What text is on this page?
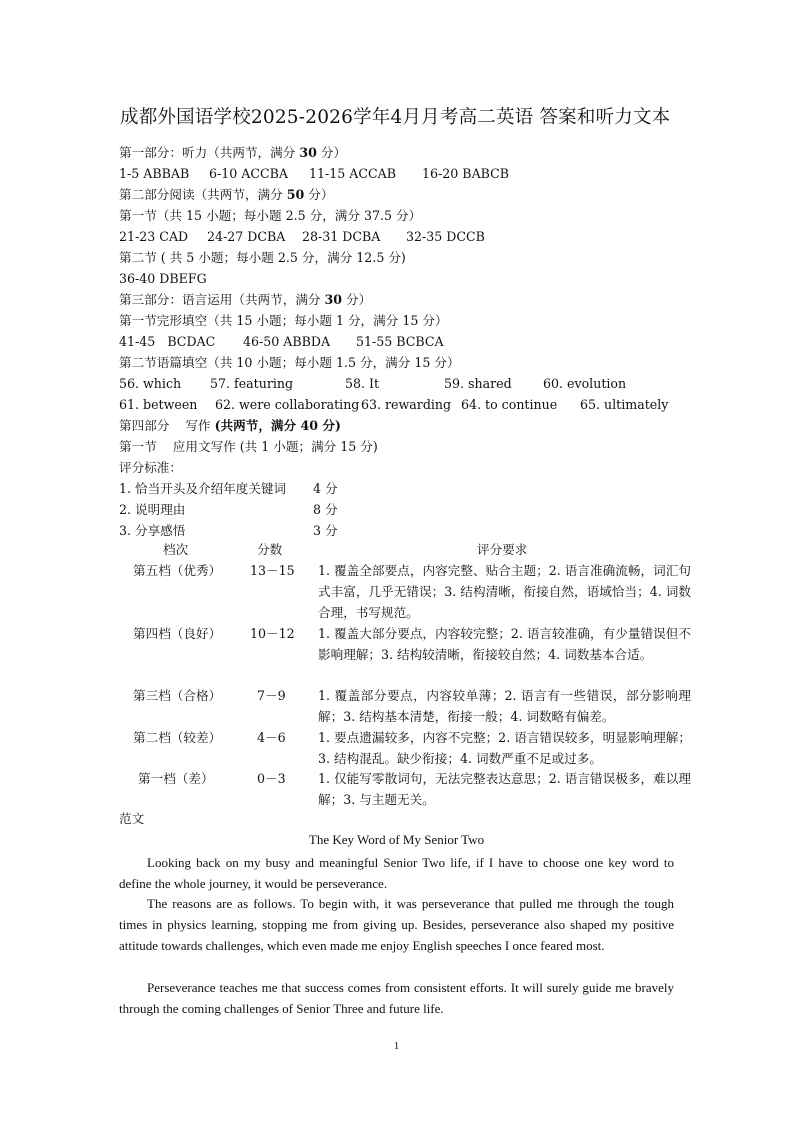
成都外国语学校2025-2026学年4月月考高二英语 答案和听力文本
第一部分：听力（共两节，满分 30 分）
1-5 ABBAB 6-10 ACCBA 11-15 ACCAB 16-20 BABCB
第二部分阅读（共两节，满分 50 分）
第一节（共 15 小题；每小题 2.5 分，满分 37.5 分）
21-23 CAD 24-27 DCBA 28-31 DCBA 32-35 DCCB
第二节 ( 共 5 小题；每小题 2.5 分，满分 12.5 分)
36-40 DBEFG
第三部分：语言运用（共两节，满分 30 分）
第一节完形填空（共 15 小题；每小题 1 分，满分 15 分）
41-45   BCDAC 46-50 ABBDA 51-55 BCBCA
第二节语篇填空（共 10 小题；每小题 1.5 分，满分 15 分）
56. which 57. featuring	58. It	59. shared 60. evolution
61. between 62. were collaborating 63. rewarding 64. to continue 65. ultimately
第四部分    写作 (共两节，满分 40 分)
第一节    应用文写作 (共 1 小题；满分 15 分)
评分标准：
1. 恰当开头及介绍年度关键词 4 分
2. 说明理由	8 分
3. 分享感悟	3 分
档次	分数	评分要求
第五档（优秀） 13－15 1. 覆盖全部要点，内容完整、贴合主题；2. 语言准确流畅，词汇句式丰富，几乎无错误；3. 结构清晰，衔接自然，语域恰当；4. 词数合理，书写规范。
第四档（良好） 10－12 1. 覆盖大部分要点，内容较完整；2. 语言较准确，有少量错误但不影响理解；3. 结构较清晰，衔接较自然；4. 词数基本合适。
第三档（合格）	7－9	1. 覆盖部分要点，内容较单薄；2. 语言有一些错误，部分影响理解；3. 结构基本清楚，衔接一般；4. 词数略有偏差。
第二档（较差）	4－6	1. 要点遗漏较多，内容不完整；2. 语言错误较多，明显影响理解；3. 结构混乱。缺少衔接；4. 词数严重不足或过多。
第一档（差）	0－3	1. 仅能写零散词句，无法完整表达意思；2. 语言错误极多，难以理解；3. 与主题无关。
范文
The Key Word of My Senior Two
Looking back on my busy and meaningful Senior Two life, if I have to choose one key word to define the whole journey, it would be perseverance.
The reasons are as follows. To begin with, it was perseverance that pulled me through the tough times in physics learning, stopping me from giving up. Besides, perseverance also shaped my positive attitude towards challenges, which even made me enjoy English speeches I once feared most.
Perseverance teaches me that success comes from consistent efforts. It will surely guide me bravely through the coming challenges of Senior Three and future life.
1
